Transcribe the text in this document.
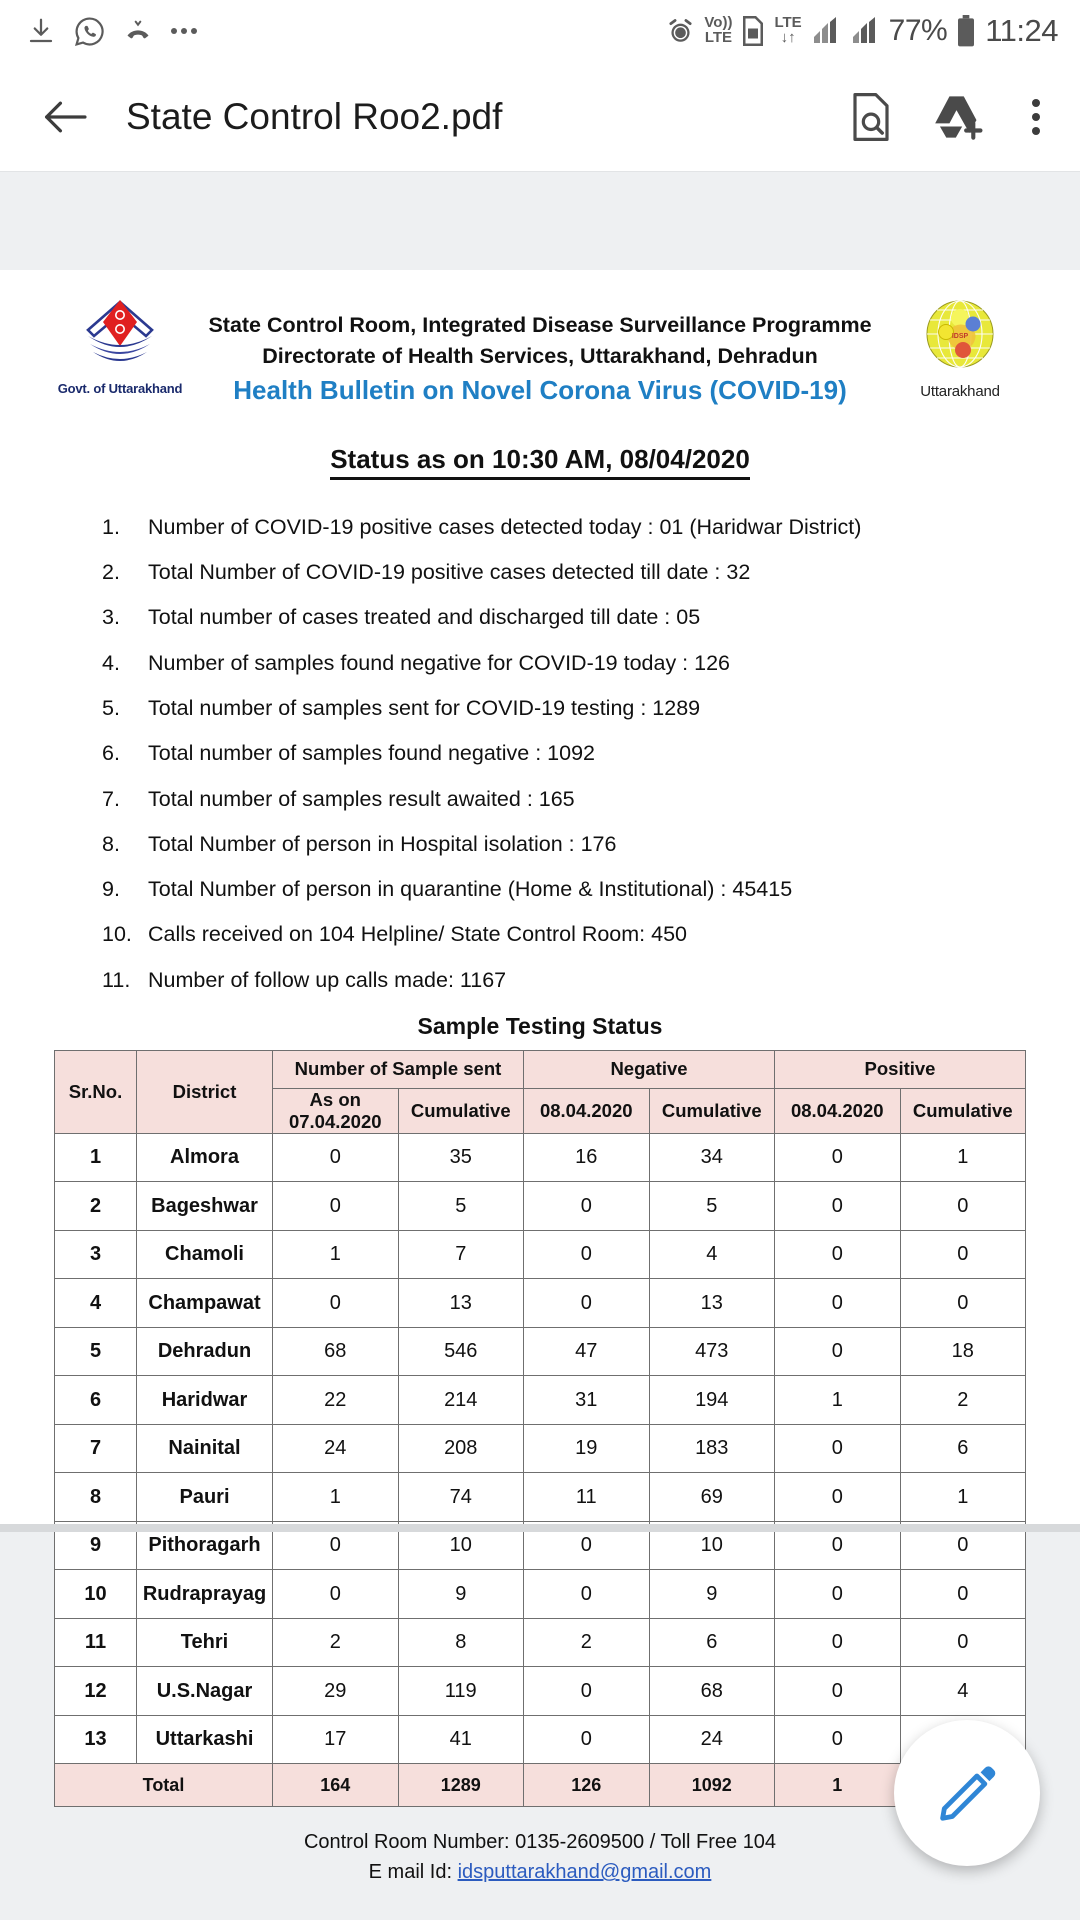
Vo))
LTE
LTE
↓↑	77% 11:24
State Control Roo2.pdf
Govt. of Uttarakhand
State Control Room, Integrated Disease Surveillance Programme
Directorate of Health Services, Uttarakhand, Dehradun
Health Bulletin on Novel Corona Virus (COVID-19)
IDSP
Uttarakhand
Status as on 10:30 AM, 08/04/2020
1.	Number of COVID-19 positive cases detected today : 01 (Haridwar District)
2.	Total Number of COVID-19 positive cases detected till date : 32
3.	Total number of cases treated and discharged till date : 05
4.	Number of samples found negative for COVID-19 today : 126
5.	Total number of samples sent for COVID-19 testing : 1289
6.	Total number of samples found negative : 1092
7.	Total number of samples result awaited : 165
8.	Total Number of person in Hospital isolation : 176
9.	Total Number of person in quarantine (Home & Institutional) : 45415
10. Calls received on 104 Helpline/ State Control Room: 450
11. Number of follow up calls made: 1167
Sample Testing Status
Sr.No.	District	Number of Sample sent		Negative		Positive	
		As on 07.04.2020	Cumulative	08.04.2020	Cumulative	08.04.2020	Cumulative
1	Almora	0	35	16	34	0	1
2	Bageshwar	0	5	0	5	0	0
3	Chamoli	1	7	0	4	0	0
4	Champawat	0	13	0	13	0	0
5	Dehradun	68	546	47	473	0	18
6	Haridwar	22	214	31	194	1	2
7	Nainital	24	208	19	183	0	6
8	Pauri	1	74	11	69	0	1
9	Pithoragarh	0	10	0	10	0	0
10	Rudraprayag	0	9	0	9	0	0
11	Tehri	2	8	2	6	0	0
12	U.S.Nagar	29	119	0	68	0	4
13	Uttarkashi	17	41	0	24	0	
Total		164	1289	126	1092	1	
Control Room Number: 0135-2609500 / Toll Free 104
E mail Id: idsputtarakhand@gmail.com
